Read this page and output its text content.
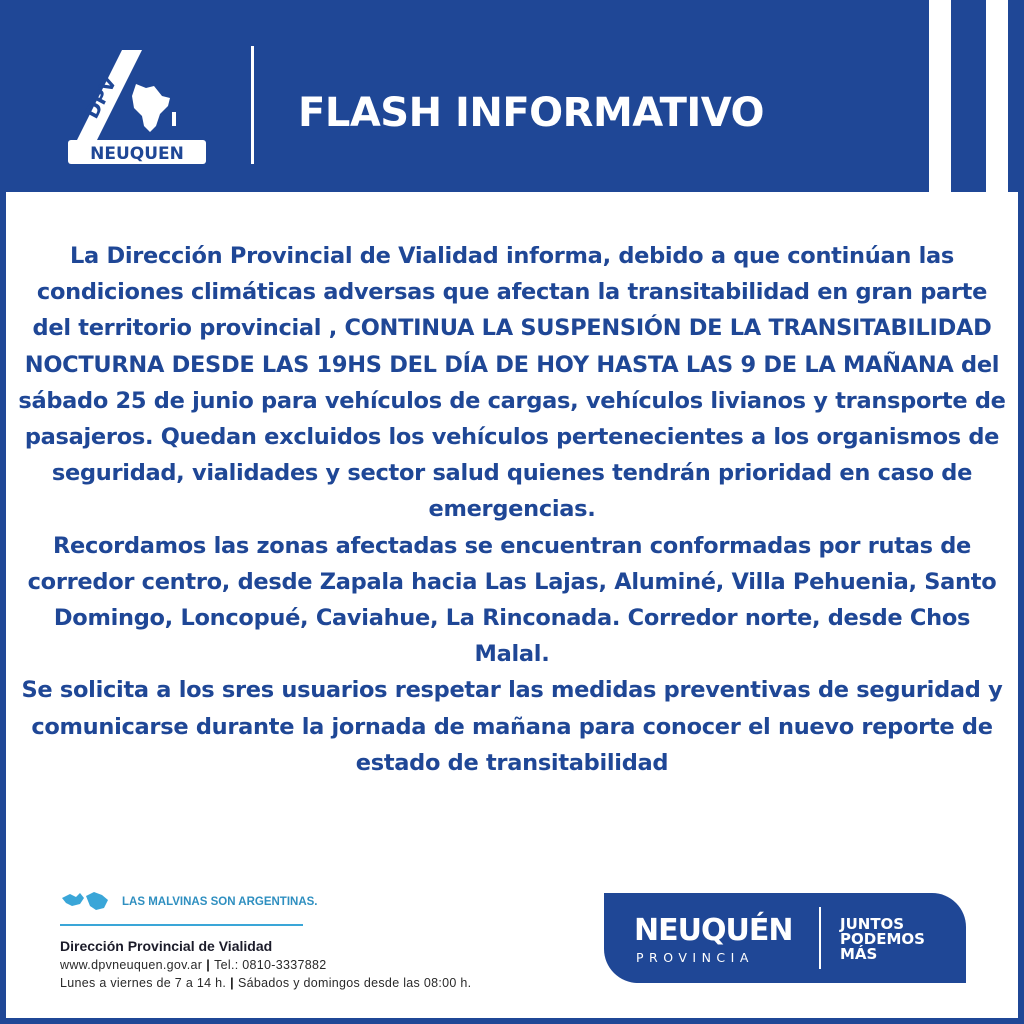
DPV
NEUQUEN
FLASH INFORMATIVO

La Dirección Provincial de Vialidad informa, debido a que continúan las condiciones climáticas adversas que afectan la transitabilidad en gran parte del territorio provincial , CONTINUA LA SUSPENSIÓN DE LA TRANSITABILIDAD NOCTURNA DESDE LAS 19HS DEL DÍA DE HOY HASTA LAS 9 DE LA MAÑANA del sábado 25 de junio para vehículos de cargas, vehículos livianos y transporte de pasajeros. Quedan excluidos los vehículos pertenecientes a los organismos de seguridad, vialidades y sector salud quienes tendrán prioridad en caso de emergencias.

Recordamos las zonas afectadas se encuentran conformadas por rutas de corredor centro, desde Zapala hacia Las Lajas, Aluminé, Villa Pehuenia, Santo Domingo, Loncopué, Caviahue, La Rinconada. Corredor norte, desde Chos Malal.

Se solicita a los sres usuarios respetar las medidas preventivas de seguridad y comunicarse durante la jornada de mañana para conocer el nuevo reporte de estado de transitabilidad

LAS MALVINAS SON ARGENTINAS.
Dirección Provincial de Vialidad
www.dpvneuquen.gov.ar | Tel.: 0810-3337882
Lunes a viernes de 7 a 14 h. | Sábados y domingos desde las 08:00 h.
NEUQUÉN
PROVINCIA
JUNTOS
PODEMOS
MÁS
